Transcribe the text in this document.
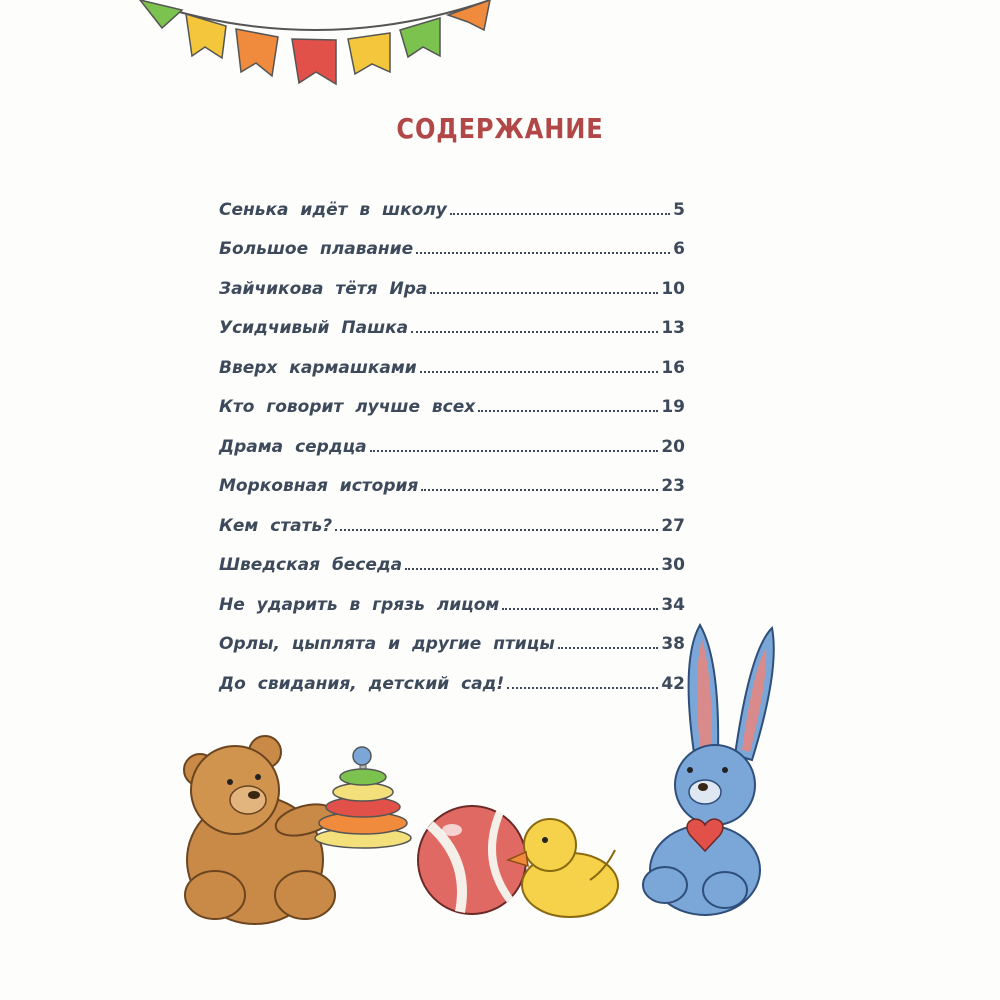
СОДЕРЖАНИЕ
Сенька идёт в школу	5
Большое плавание	6
Зайчикова тётя Ира	10
Усидчивый Пашка	13
Вверх кармашками	16
Кто говорит лучше всех	19
Драма сердца	20
Морковная история	23
Кем стать?	27
Шведская беседа	30
Не ударить в грязь лицом	34
Орлы, цыплята и другие птицы	38
До свидания, детский сад!	42
